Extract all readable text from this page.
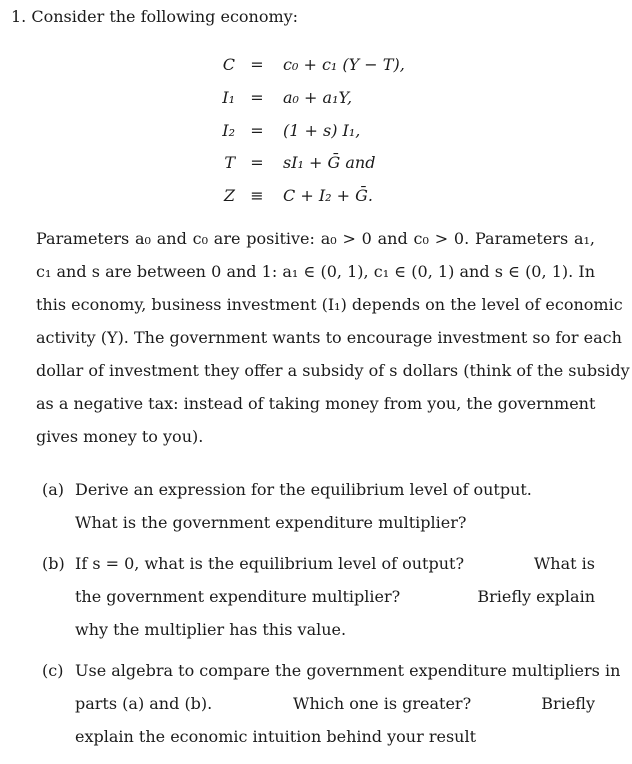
1. Consider the following economy:
C = c₀ + c₁ (Y − T),
I₁ = a₀ + a₁Y,
I₂ = (1 + s) I₁,
T = sI₁ + Ḡ and
Z ≡ C + I₂ + Ḡ.
Parameters a₀ and c₀ are positive: a₀ > 0 and c₀ > 0. Parameters a₁,
c₁ and s are between 0 and 1: a₁ ∈ (0, 1), c₁ ∈ (0, 1) and s ∈ (0, 1). In
this economy, business investment (I₁) depends on the level of economic
activity (Y). The government wants to encourage investment so for each
dollar of investment they offer a subsidy of s dollars (think of the subsidy
as a negative tax: instead of taking money from you, the government
gives money to you).
(a) Derive an expression for the equilibrium level of output.
What is the government expenditure multiplier?
(b) If s = 0, what is the equilibrium level of output?	What is
the government expenditure multiplier?	Briefly explain
why the multiplier has this value.
(c) Use algebra to compare the government expenditure multipliers in
parts (a) and (b).	Which one is greater?	Briefly
explain the economic intuition behind your result
